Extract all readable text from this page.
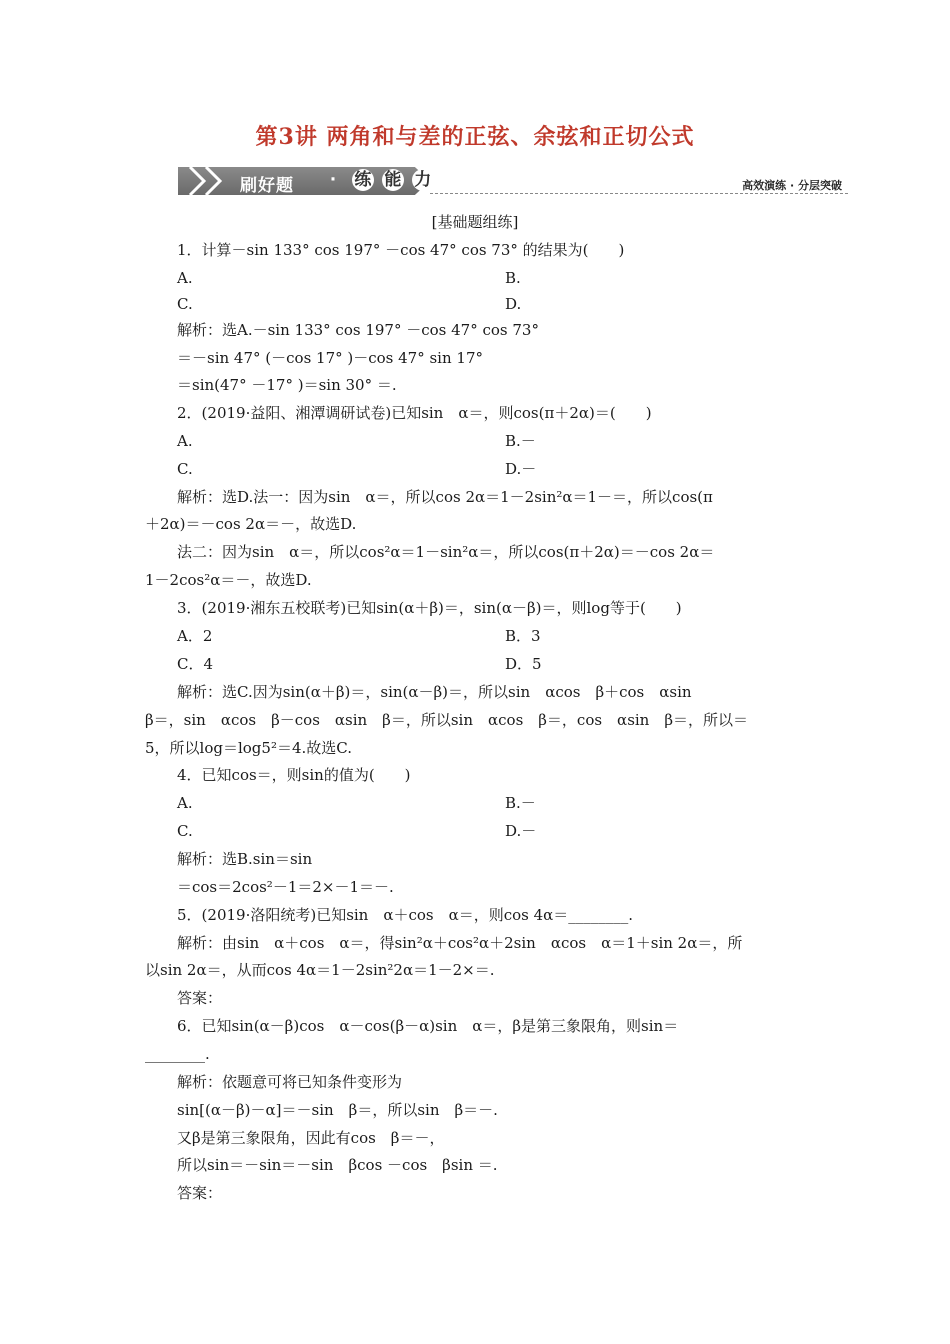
第3讲 两角和与差的正弦、余弦和正切公式
刷好题 · 练 能 力	高效演练 · 分层突破
[基础题组练]
1．计算－sin 133° cos 197° －cos 47° cos 73° 的结果为(　　)
A.	B.
C.	D.
解析：选A.－sin 133° cos 197° －cos 47° cos 73°
＝－sin 47° (－cos 17° )－cos 47° sin 17°
＝sin(47° －17° )＝sin 30° ＝.
2．(2019·益阳、湘潭调研试卷)已知sin　α＝，则cos(π＋2α)＝(　　)
A.	B.－
C.	D.－
解析：选D.法一：因为sin　α＝，所以cos 2α＝1－2sin²α＝1－＝，所以cos(π
＋2α)＝－cos 2α＝－，故选D.
法二：因为sin　α＝，所以cos²α＝1－sin²α＝，所以cos(π＋2α)＝－cos 2α＝
1－2cos²α＝－，故选D.
3．(2019·湘东五校联考)已知sin(α＋β)＝，sin(α－β)＝，则log等于(　　)
A．2	B．3
C．4	D．5
解析：选C.因为sin(α＋β)＝，sin(α－β)＝，所以sin　αcos　β＋cos　αsin
β＝，sin　αcos　β－cos　αsin　β＝，所以sin　αcos　β＝，cos　αsin　β＝，所以＝
5，所以log＝log5²＝4.故选C.
4．已知cos＝，则sin的值为(　　)
A.	B.－
C.	D.－
解析：选B.sin＝sin
＝cos＝2cos²－1＝2×－1＝－.
5．(2019·洛阳统考)已知sin　α＋cos　α＝，则cos 4α＝________.
解析：由sin　α＋cos　α＝，得sin²α＋cos²α＋2sin　αcos　α＝1＋sin 2α＝，所
以sin 2α＝，从而cos 4α＝1－2sin²2α＝1－2×＝.
答案：
6．已知sin(α－β)cos　α－cos(β－α)sin　α＝，β是第三象限角，则sin＝
________.
解析：依题意可将已知条件变形为
sin[(α－β)－α]＝－sin　β＝，所以sin　β＝－.
又β是第三象限角，因此有cos　β＝－，
所以sin＝－sin＝－sin　βcos －cos　βsin ＝.
答案：
